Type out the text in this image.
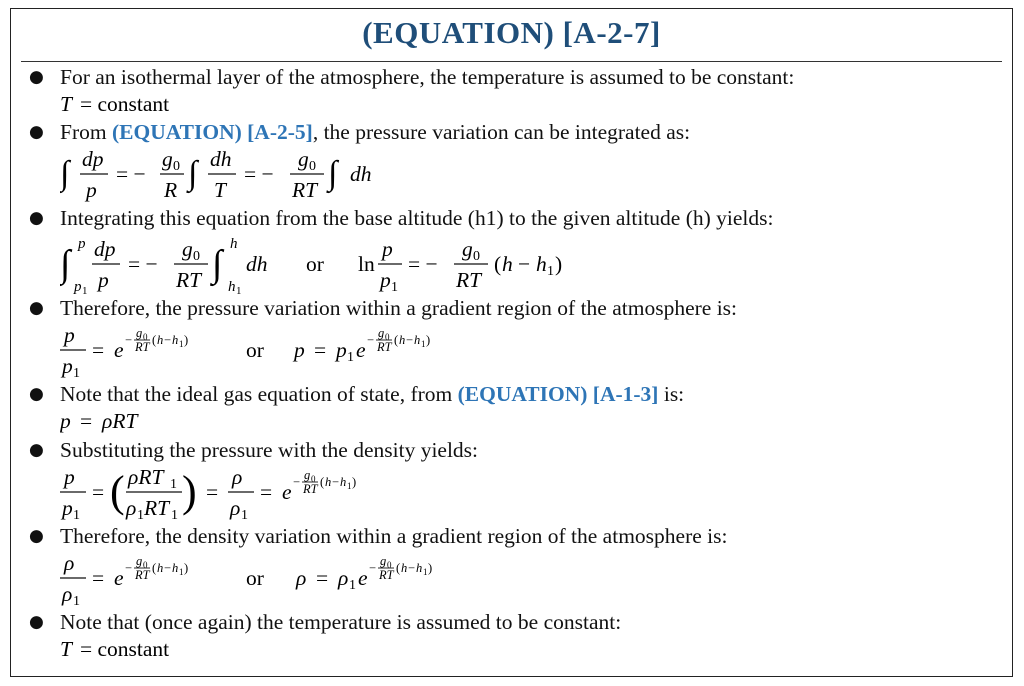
(EQUATION) [A-2-7]
● For an isothermal layer of the atmosphere, the temperature is assumed to be constant:
T = constant
● From (EQUATION) [A-2-5], the pressure variation can be integrated as:
∫ dp
p
= −
g 0
R ∫ dh
T
= −
g 0
RT ∫ dh
● Integrating this equation from the base altitude (h1) to the given altitude (h) yields:
∫ p
p 1
dp
p
= −
g 0
RT ∫ h
h 1
dh or ln
p
p 1
= −
g 0
RT
( h − h 1 )
● Therefore, the pressure variation within a gradient region of the atmosphere is:
p
p 1
= e − g 0
RT ( h − h 1 )	or p = p 1 e − g 0
RT ( h − h 1 )
● Note that the ideal gas equation of state, from (EQUATION) [A-1-3] is:
p = ρRT
● Substituting the pressure with the density yields:
p
p 1
= ( ρRT 1
ρ 1 RT 1 ) =
ρ
ρ 1
= e − g 0
RT ( h − h 1 )
● Therefore, the density variation within a gradient region of the atmosphere is:
ρ
ρ 1
= e − g 0
RT ( h − h 1 )	or ρ = ρ 1 e − g 0
RT ( h − h 1 )
● Note that (once again) the temperature is assumed to be constant:
T = constant
